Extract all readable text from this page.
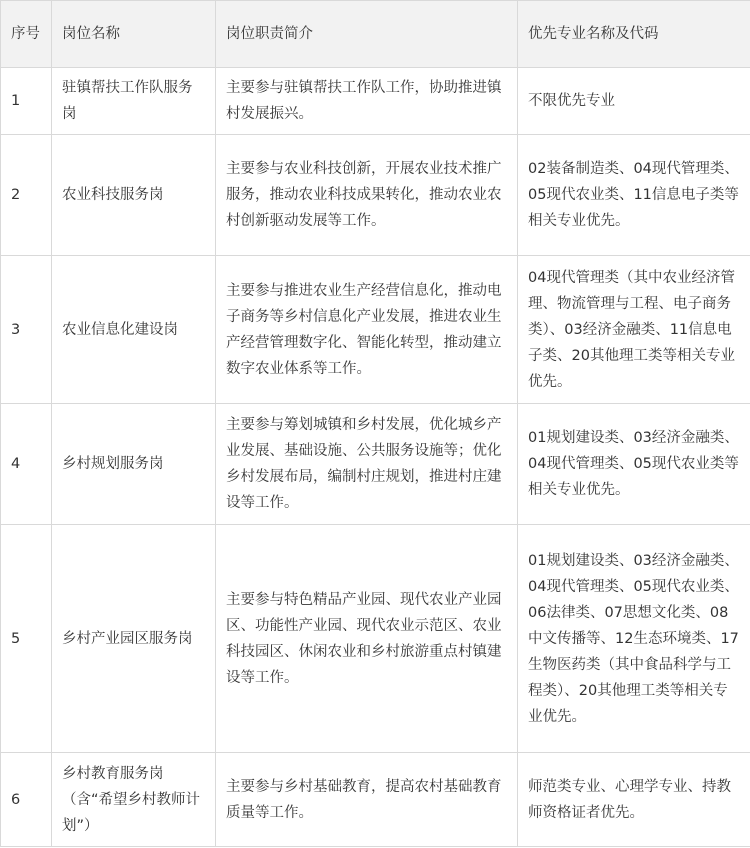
序号	岗位名称	岗位职责简介	优先专业名称及代码
1	驻镇帮扶工作队服务岗	主要参与驻镇帮扶工作队工作，协助推进镇村发展振兴。	不限优先专业
2	农业科技服务岗	主要参与农业科技创新，开展农业技术推广服务，推动农业科技成果转化，推动农业农村创新驱动发展等工作。	02装备制造类、04现代管理类、05现代农业类、11信息电子类等相关专业优先。
3	农业信息化建设岗	主要参与推进农业生产经营信息化，推动电子商务等乡村信息化产业发展，推进农业生产经营管理数字化、智能化转型，推动建立数字农业体系等工作。	04现代管理类（其中农业经济管理、物流管理与工程、电子商务类）、03经济金融类、11信息电子类、20其他理工类等相关专业优先。
4	乡村规划服务岗	主要参与筹划城镇和乡村发展，优化城乡产业发展、基础设施、公共服务设施等；优化乡村发展布局，编制村庄规划，推进村庄建设等工作。	01规划建设类、03经济金融类、04现代管理类、05现代农业类等相关专业优先。
5	乡村产业园区服务岗	主要参与特色精品产业园、现代农业产业园区、功能性产业园、现代农业示范区、农业科技园区、休闲农业和乡村旅游重点村镇建设等工作。	01规划建设类、03经济金融类、04现代管理类、05现代农业类、06法律类、07思想文化类、08中文传播等、12生态环境类、17生物医药类（其中食品科学与工程类）、20其他理工类等相关专业优先。
6	乡村教育服务岗（含“希望乡村教师计划”）	主要参与乡村基础教育，提高农村基础教育质量等工作。	师范类专业、心理学专业、持教师资格证者优先。
